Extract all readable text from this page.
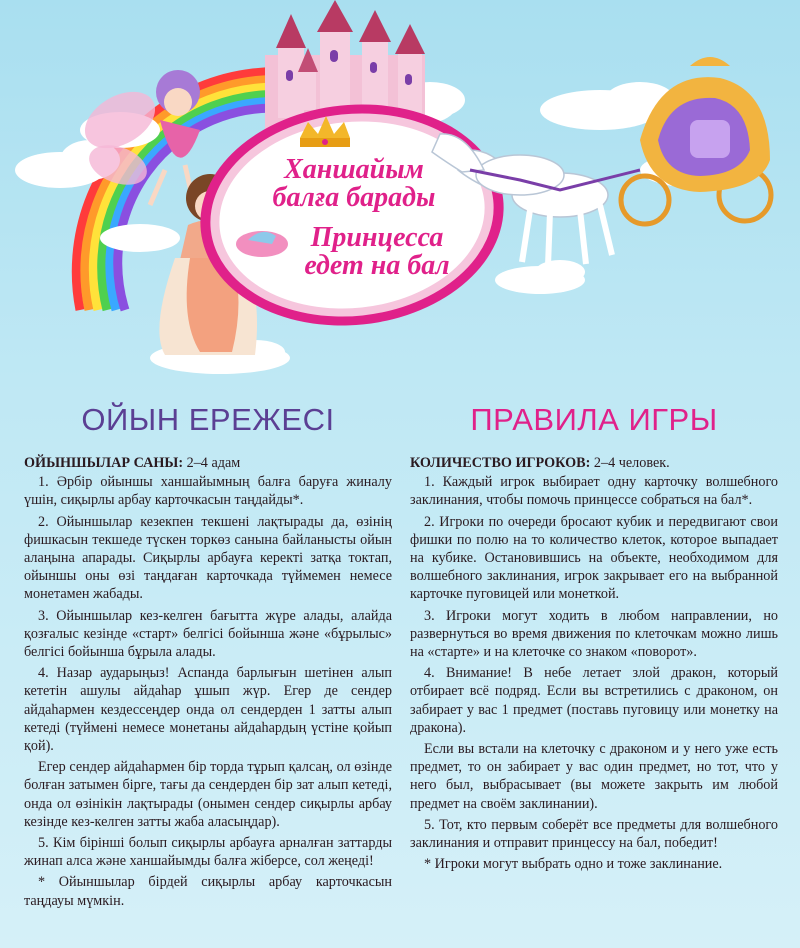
Ханшайым
балға барады
Принцесса
едет на бал
ОЙЫН ЕРЕЖЕСІ

ОЙЫНШЫЛАР САНЫ: 2–4 адам

1. Әрбір ойыншы ханшайымның балға баруға жиналу үшін, сиқырлы арбау карточкасын таңдайды*.

2. Ойыншылар кезекпен текшені лақтырады да, өзінің фишкасын текшеде түскен торкөз санына байланысты ойын алаңына апарады. Сиқырлы арбауға керекті затқа токтап, ойыншы оны өзі таңдаған карточкада түймемен немесе монетамен жабады.

3. Ойыншылар кез-келген бағытта жүре алады, алайда қозғалыс кезінде «старт» белгісі бойынша және «бұрылыс» белгісі бойынша бұрыла алады.

4. Назар аударыңыз! Аспанда барлығын шетінен алып кететін ашулы айдаһар ұшып жүр. Егер де сендер айдаһармен кездессеңдер онда ол сендерден 1 затты алып кетеді (түймені немесе монетаны айдаһардың үстіне қойып қой).

Егер сендер айдаһармен бір торда тұрып қалсаң, ол өзінде болған затымен бірге, тағы да сендерден бір зат алып кетеді, онда ол өзінікін лақтырады (онымен сендер сиқырлы арбау кезінде кез-келген затты жаба аласыңдар).

5. Кім бірінші болып сиқырлы арбауға арналған заттарды жинап алса және ханшайымды балға жіберсе, сол жеңеді!

* Ойыншылар бірдей сиқырлы арбау карточкасын таңдауы мүмкін.

ПРАВИЛА ИГРЫ

КОЛИЧЕСТВО ИГРОКОВ: 2–4 человек.

1. Каждый игрок выбирает одну карточку волшебного заклинания, чтобы помочь принцессе собраться на бал*.

2. Игроки по очереди бросают кубик и передвигают свои фишки по полю на то количество клеток, которое выпадает на кубике. Остановившись на объекте, необходимом для волшебного заклинания, игрок закрывает его на выбранной карточке пуговицей или монеткой.

3. Игроки могут ходить в любом направлении, но развернуться во время движения по клеточкам можно лишь на «старте» и на клеточке со знаком «поворот».

4. Внимание! В небе летает злой дракон, который отбирает всё подряд. Если вы встретились с драконом, он забирает у вас 1 предмет (поставь пуговицу или монетку на дракона).

Если вы встали на клеточку с драконом и у него уже есть предмет, то он забирает у вас один предмет, но тот, что у него был, выбрасывает (вы можете закрыть им любой предмет на своём заклинании).

5. Тот, кто первым соберёт все предметы для волшебного заклинания и отправит принцессу на бал, победит!

* Игроки могут выбрать одно и тоже заклинание.
